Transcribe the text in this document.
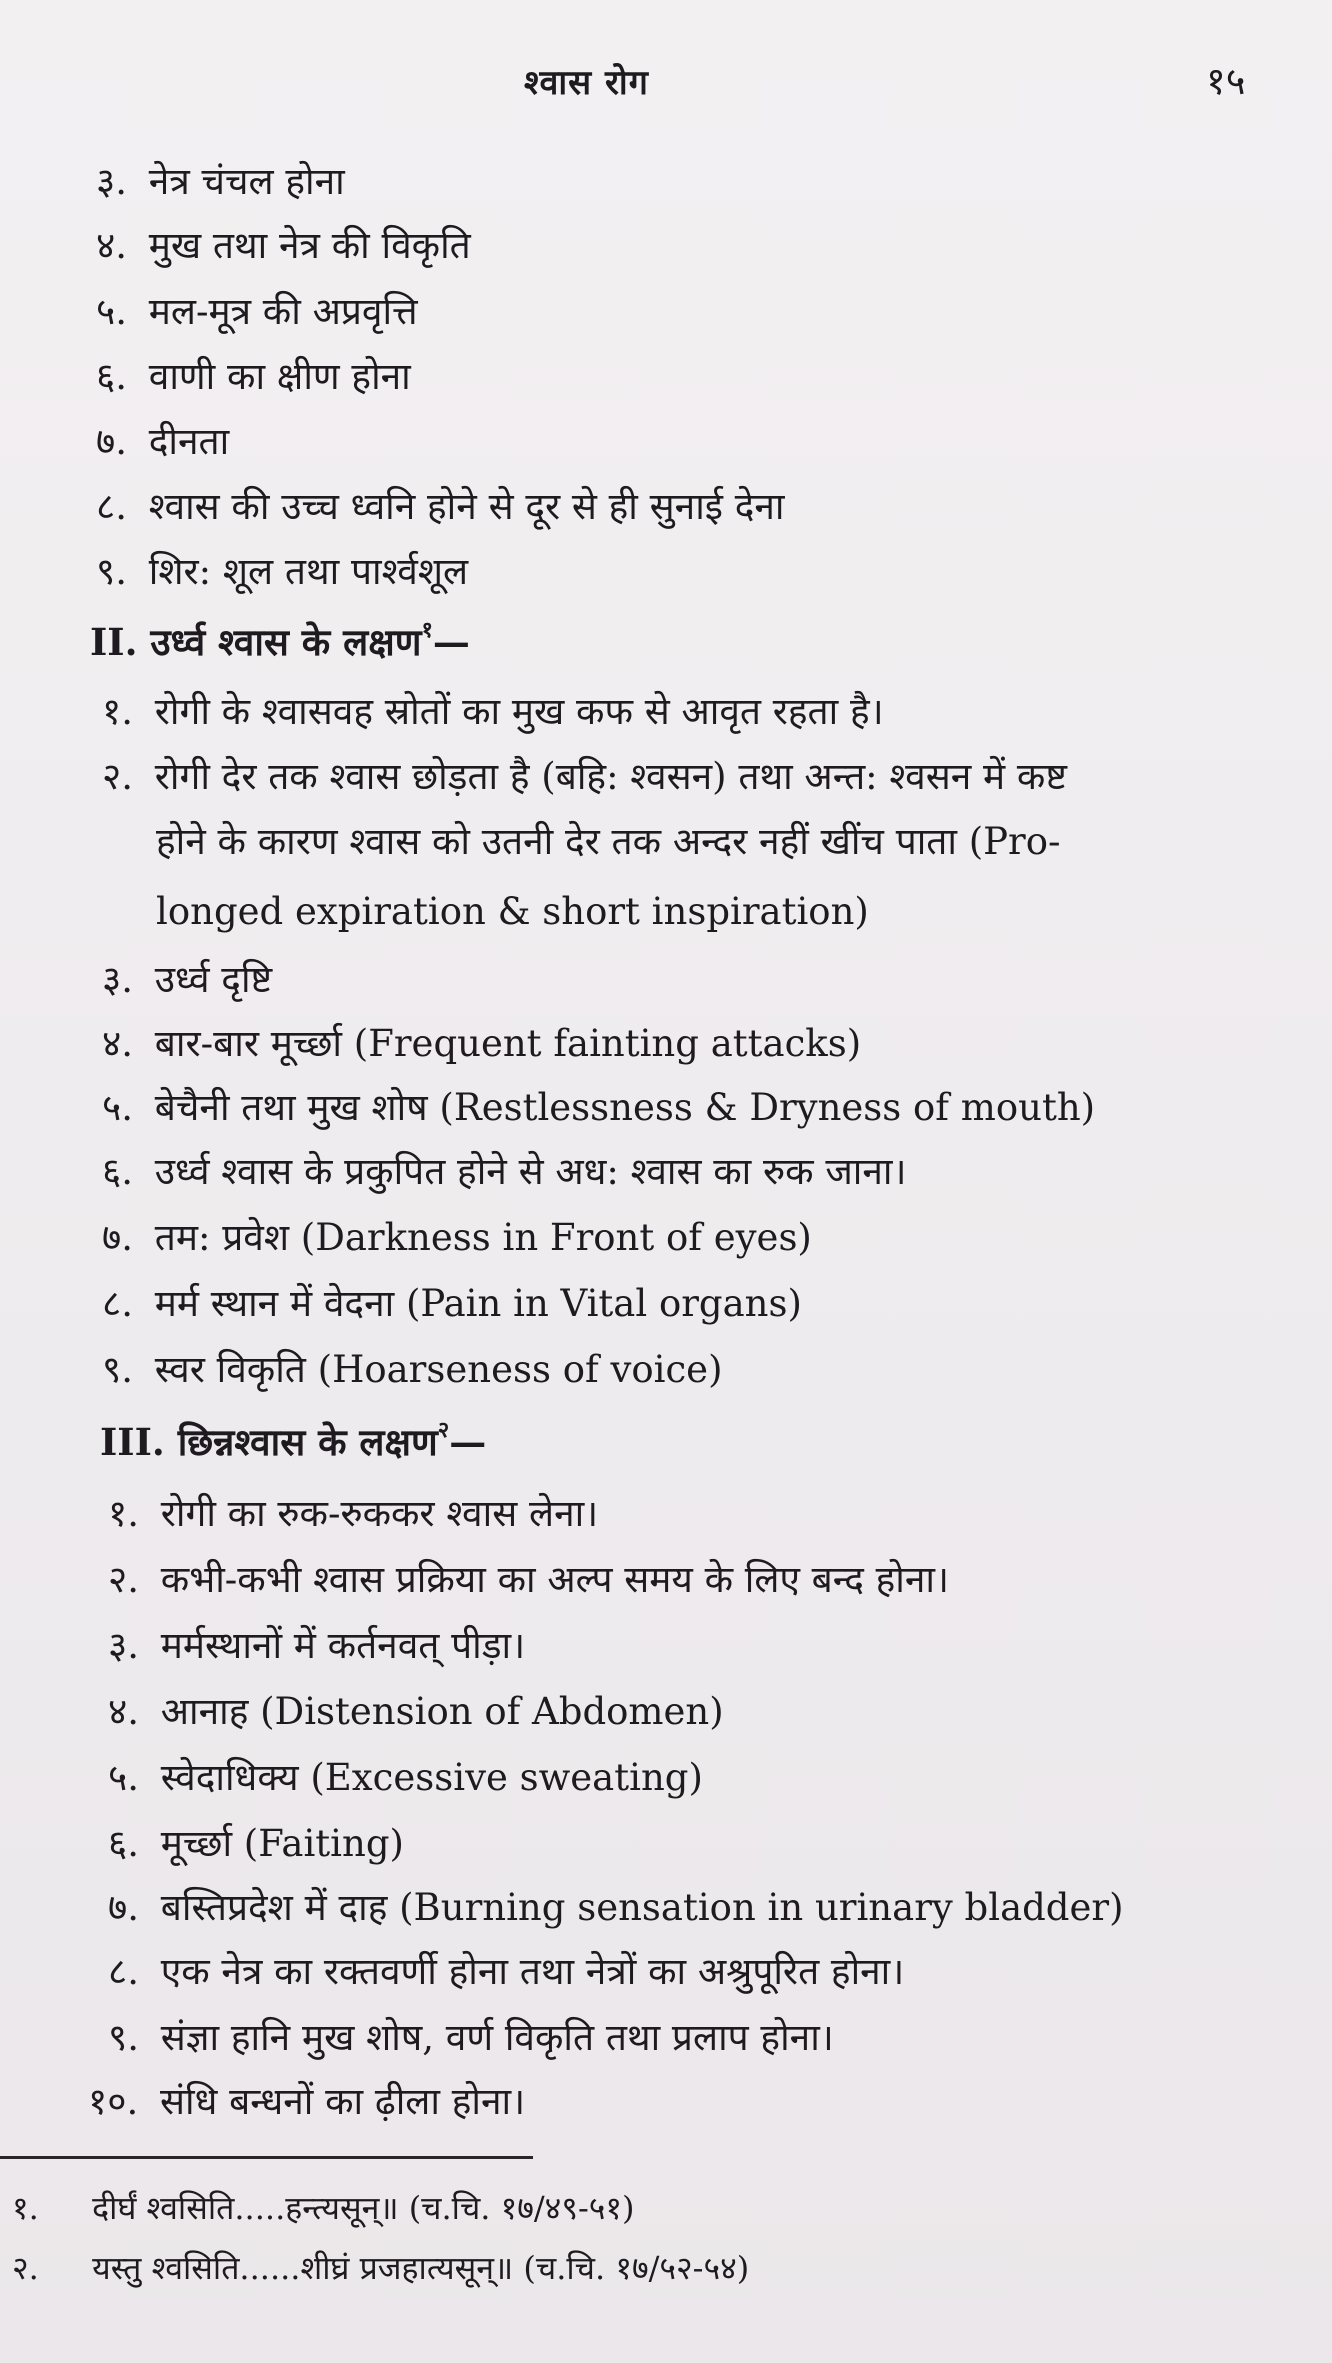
श्वास रोग	१५
३. नेत्र चंचल होना
४. मुख तथा नेत्र की विकृति
५. मल-मूत्र की अप्रवृत्ति
६. वाणी का क्षीण होना
७. दीनता
८. श्वास की उच्च ध्वनि होने से दूर से ही सुनाई देना
९. शिर: शूल तथा पार्श्वशूल
II. उर्ध्व श्वास के लक्षण$^१$—
१. रोगी के श्वासवह स्रोतों का मुख कफ से आवृत रहता है।
२. रोगी देर तक श्वास छोड़ता है (बहि: श्वसन) तथा अन्त: श्वसन में कष्ट
होने के कारण श्वास को उतनी देर तक अन्दर नहीं खींच पाता (Pro-
longed expiration & short inspiration)
३. उर्ध्व दृष्टि
४. बार-बार मूर्च्छा (Frequent fainting attacks)
५. बेचैनी तथा मुख शोष (Restlessness & Dryness of mouth)
६. उर्ध्व श्वास के प्रकुपित होने से अध: श्वास का रुक जाना।
७. तम: प्रवेश (Darkness in Front of eyes)
८. मर्म स्थान में वेदना (Pain in Vital organs)
९. स्वर विकृति (Hoarseness of voice)
III. छिन्नश्वास के लक्षण$^२$—
१. रोगी का रुक-रुककर श्वास लेना।
२. कभी-कभी श्वास प्रक्रिया का अल्प समय के लिए बन्द होना।
३. मर्मस्थानों में कर्तनवत् पीड़ा।
४. आनाह (Distension of Abdomen)
५. स्वेदाधिक्य (Excessive sweating)
६. मूर्च्छा (Faiting)
७. बस्तिप्रदेश में दाह (Burning sensation in urinary bladder)
८. एक नेत्र का रक्तवर्णी होना तथा नेत्रों का अश्रुपूरित होना।
९. संज्ञा हानि मुख शोष, वर्ण विकृति तथा प्रलाप होना।
१०. संधि बन्धनों का ढ़ीला होना।
१. दीर्घं श्वसिति.....हन्त्यसून्॥ (च.चि. १७/४९-५१)
२. यस्तु श्वसिति......शीघ्रं प्रजहात्यसून्॥ (च.चि. १७/५२-५४)
